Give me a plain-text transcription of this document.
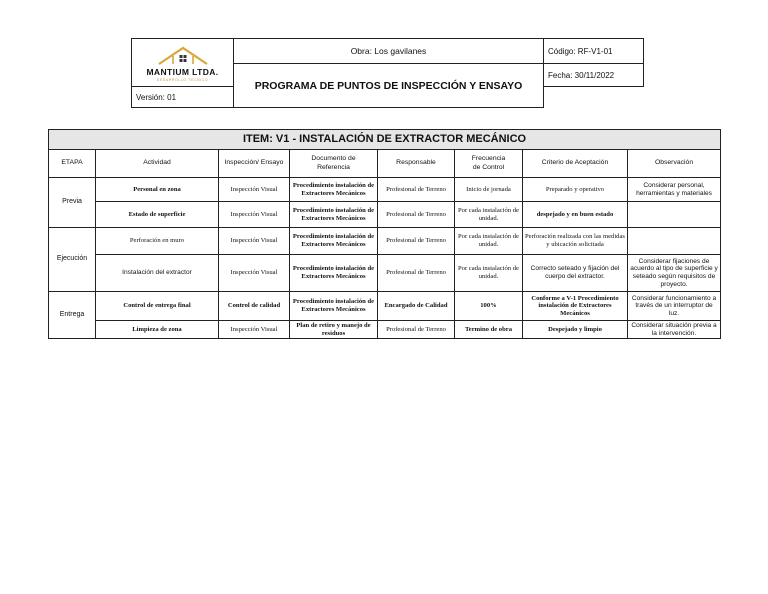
MANTIUM LTDA.
DESARROLLO TECNICO	Obra: Los gavilanes	Código: RF-V1-01
	PROGRAMA DE PUNTOS DE INSPECCIÓN Y ENSAYO	Fecha: 30/11/2022
Versión: 01		
ITEM: V1 - INSTALACIÓN DE EXTRACTOR MECÁNICO							
ETAPA	Actividad	Inspección/ Ensayo	Documento de Referencia	Responsable	Frecuencia de Control	Criterio de Aceptación	Observación
Previa	Personal en zona	Inspección Visual	Procedimiento instalación de Extractores Mecánicos	Profesional de Terreno	Inicio de jornada	Preparado y operativo	Considerar personal, herramientas y materiales
	Estado de superficie	Inspección Visual	Procedimiento instalación de Extractores Mecánicos	Profesional de Terreno	Por cada instalación de unidad.	despejado y en buen estado	
Ejecución	Perforación en muro	Inspección Visual	Procedimiento instalación de Extractores Mecánicos	Profesional de Terreno	Por cada instalación de unidad.	Perforación realizada con las medidas y ubicación solicitada	
	Instalación del extractor	Inspección Visual	Procedimiento instalación de Extractores Mecánicos	Profesional de Terreno	Por cada instalación de unidad.	Correcto seteado y fijación del cuerpo del extractor.	Considerar fijaciones de acuerdo al tipo de superficie y seteado según requisitos de proyecto.
Entrega	Control de entrega final	Control de calidad	Procedimiento instalación de Extractores Mecánicos	Encargado de Calidad	100%	Conforme a V-1 Procedimiento instalación de Extractores Mecánicos	Considerar funcionamiento a través de un interruptor de luz.
	Limpieza de zona	Inspección Visual	Plan de retiro y manejo de residuos	Profesional de Terreno	Termino de obra	Despejado y limpio	Considerar situación previa a la intervención.
